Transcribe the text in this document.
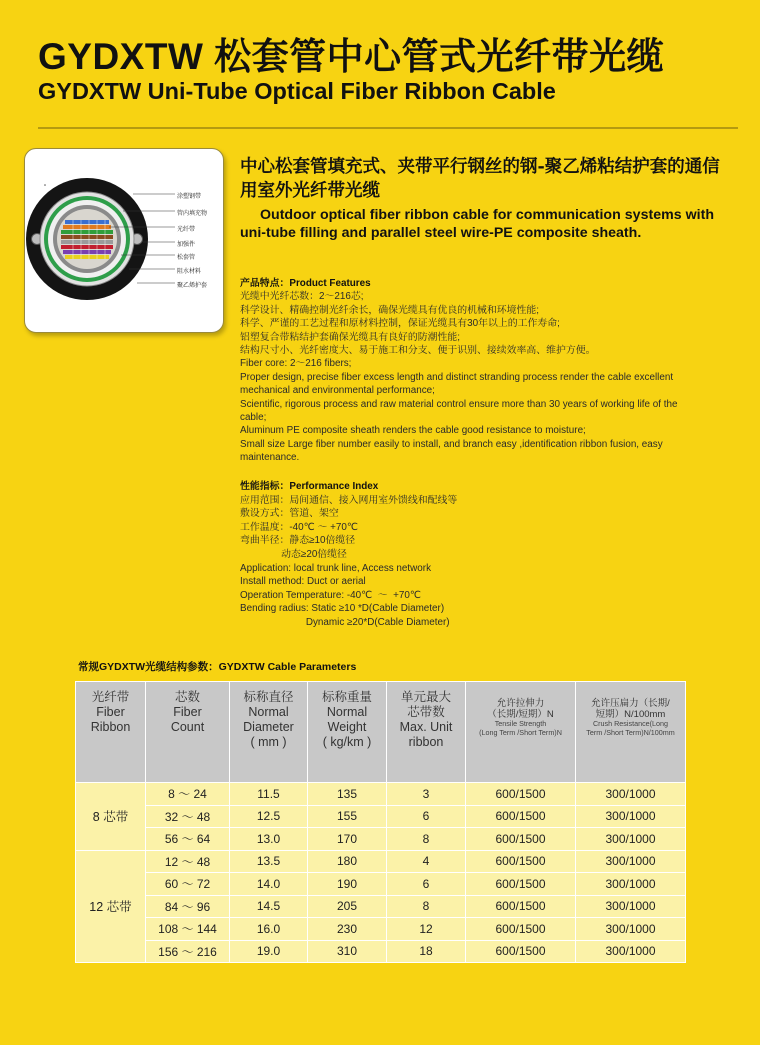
GYDXTW 松套管中心管式光纤带光缆
GYDXTW Uni-Tube Optical Fiber Ribbon Cable
涂塑钢带
管内填充物
光纤带
加强件
松套管
阻水材料
聚乙烯护套
中心松套管填充式、夹带平行钢丝的钢-聚乙烯粘结护套的通信用室外光纤带光缆
Outdoor optical fiber ribbon cable for communication systems with uni-tube filling and parallel steel wire-PE composite sheath.
产品特点：Product Features
光缆中光纤芯数：2～216芯;
科学设计、精确控制光纤余长，确保光缆具有优良的机械和环境性能;
科学、严谨的工艺过程和原材料控制，保证光缆具有30年以上的工作寿命;
铝塑复合带粘结护套确保光缆具有良好的防潮性能;
结构尺寸小、光纤密度大、易于施工和分支、便于识别、接续效率高、维护方便。
Fiber core: 2～216 fibers;
Proper design, precise fiber excess length and distinct stranding process render the cable excellent mechanical and environmental performance;
Scientific, rigorous process and raw material control ensure more than 30 years of working life of the cable;
Aluminum PE composite sheath renders the cable good resistance to moisture;
Small size Large fiber number easily to install, and branch easy ,identification ribbon fusion, easy maintenance.
性能指标：Performance Index
应用范围：局间通信、接入网用室外馈线和配线等
敷设方式：管道、架空
工作温度：-40℃ ～ +70℃
弯曲半径：静态≥10倍缆径
动态≥20倍缆径
Application: local trunk line, Access network
Install method: Duct or aerial
Operation Temperature: -40℃  ～  +70℃
Bending radius: Static ≥10 *D(Cable Diameter)
Dynamic ≥20*D(Cable Diameter)
常规GYDXTW光缆结构参数：GYDXTW Cable Parameters
光纤带
Fiber
Ribbon	芯数
Fiber
Count	标称直径
Normal
Diameter
( mm )	标称重量
Normal
Weight
( kg/km )	单元最大
芯带数
Max. Unit
ribbon	允许拉伸力
（长期/短期）N
Tensile Strength
(Long Term /Short Term)N	允许压扁力（长期/
短期）N/100mm
Crush Resistance(Long
Term /Short Term)N/100mm

8 芯带	8 ～ 24	11.5	135	3	600/1500	300/1000
	32 ～ 48	12.5	155	6	600/1500	300/1000
	56 ～ 64	13.0	170	8	600/1500	300/1000
12 芯带	12 ～ 48	13.5	180	4	600/1500	300/1000
	60 ～ 72	14.0	190	6	600/1500	300/1000
	84 ～ 96	14.5	205	8	600/1500	300/1000
	108 ～ 144	16.0	230	12	600/1500	300/1000
	156 ～ 216	19.0	310	18	600/1500	300/1000
